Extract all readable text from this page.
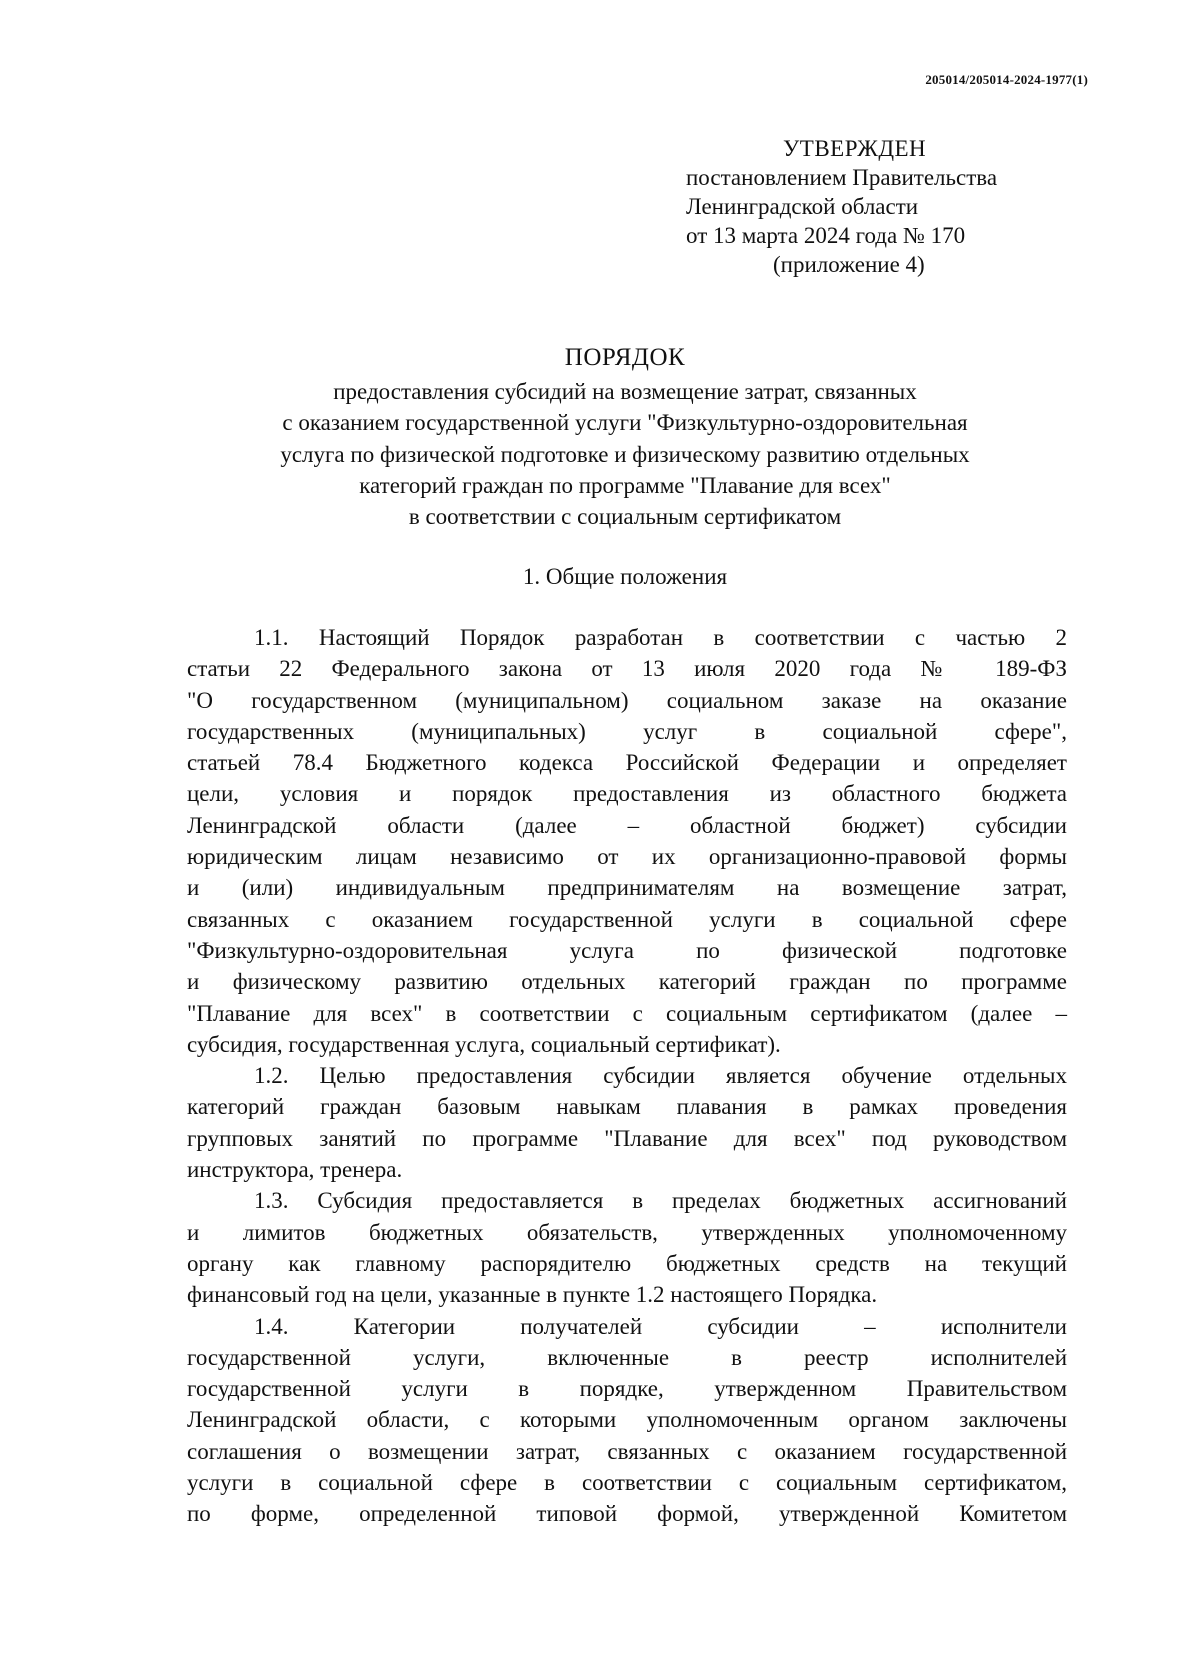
205014/205014-2024-1977(1)
УТВЕРЖДЕН
постановлением Правительства
Ленинградской области
от 13 марта 2024 года № 170
(приложение 4)
ПОРЯДОК
предоставления субсидий на возмещение затрат, связанных
с оказанием государственной услуги "Физкультурно-оздоровительная
услуга по физической подготовке и физическому развитию отдельных
категорий граждан по программе "Плавание для всех"
в соответствии с социальным сертификатом
1. Общие положения
1.1. Настоящий Порядок разработан в соответствии с частью 2
статьи 22 Федерального закона от 13 июля 2020 года № 189-ФЗ
"О государственном (муниципальном) социальном заказе на оказание
государственных (муниципальных) услуг в социальной сфере",
статьей 78.4 Бюджетного кодекса Российской Федерации и определяет
цели, условия и порядок предоставления из областного бюджета
Ленинградской области (далее – областной бюджет) субсидии
юридическим лицам независимо от их организационно-правовой формы
и (или) индивидуальным предпринимателям на возмещение затрат,
связанных с оказанием государственной услуги в социальной сфере
"Физкультурно-оздоровительная услуга по физической подготовке
и физическому развитию отдельных категорий граждан по программе
"Плавание для всех" в соответствии с социальным сертификатом (далее –
субсидия, государственная услуга, социальный сертификат).
1.2. Целью предоставления субсидии является обучение отдельных
категорий граждан базовым навыкам плавания в рамках проведения
групповых занятий по программе "Плавание для всех" под руководством
инструктора, тренера.
1.3. Субсидия предоставляется в пределах бюджетных ассигнований
и лимитов бюджетных обязательств, утвержденных уполномоченному
органу как главному распорядителю бюджетных средств на текущий
финансовый год на цели, указанные в пункте 1.2 настоящего Порядка.
1.4. Категории получателей субсидии – исполнители
государственной услуги, включенные в реестр исполнителей
государственной услуги в порядке, утвержденном Правительством
Ленинградской области, с которыми уполномоченным органом заключены
соглашения о возмещении затрат, связанных с оказанием государственной
услуги в социальной сфере в соответствии с социальным сертификатом,
по форме, определенной типовой формой, утвержденной Комитетом
